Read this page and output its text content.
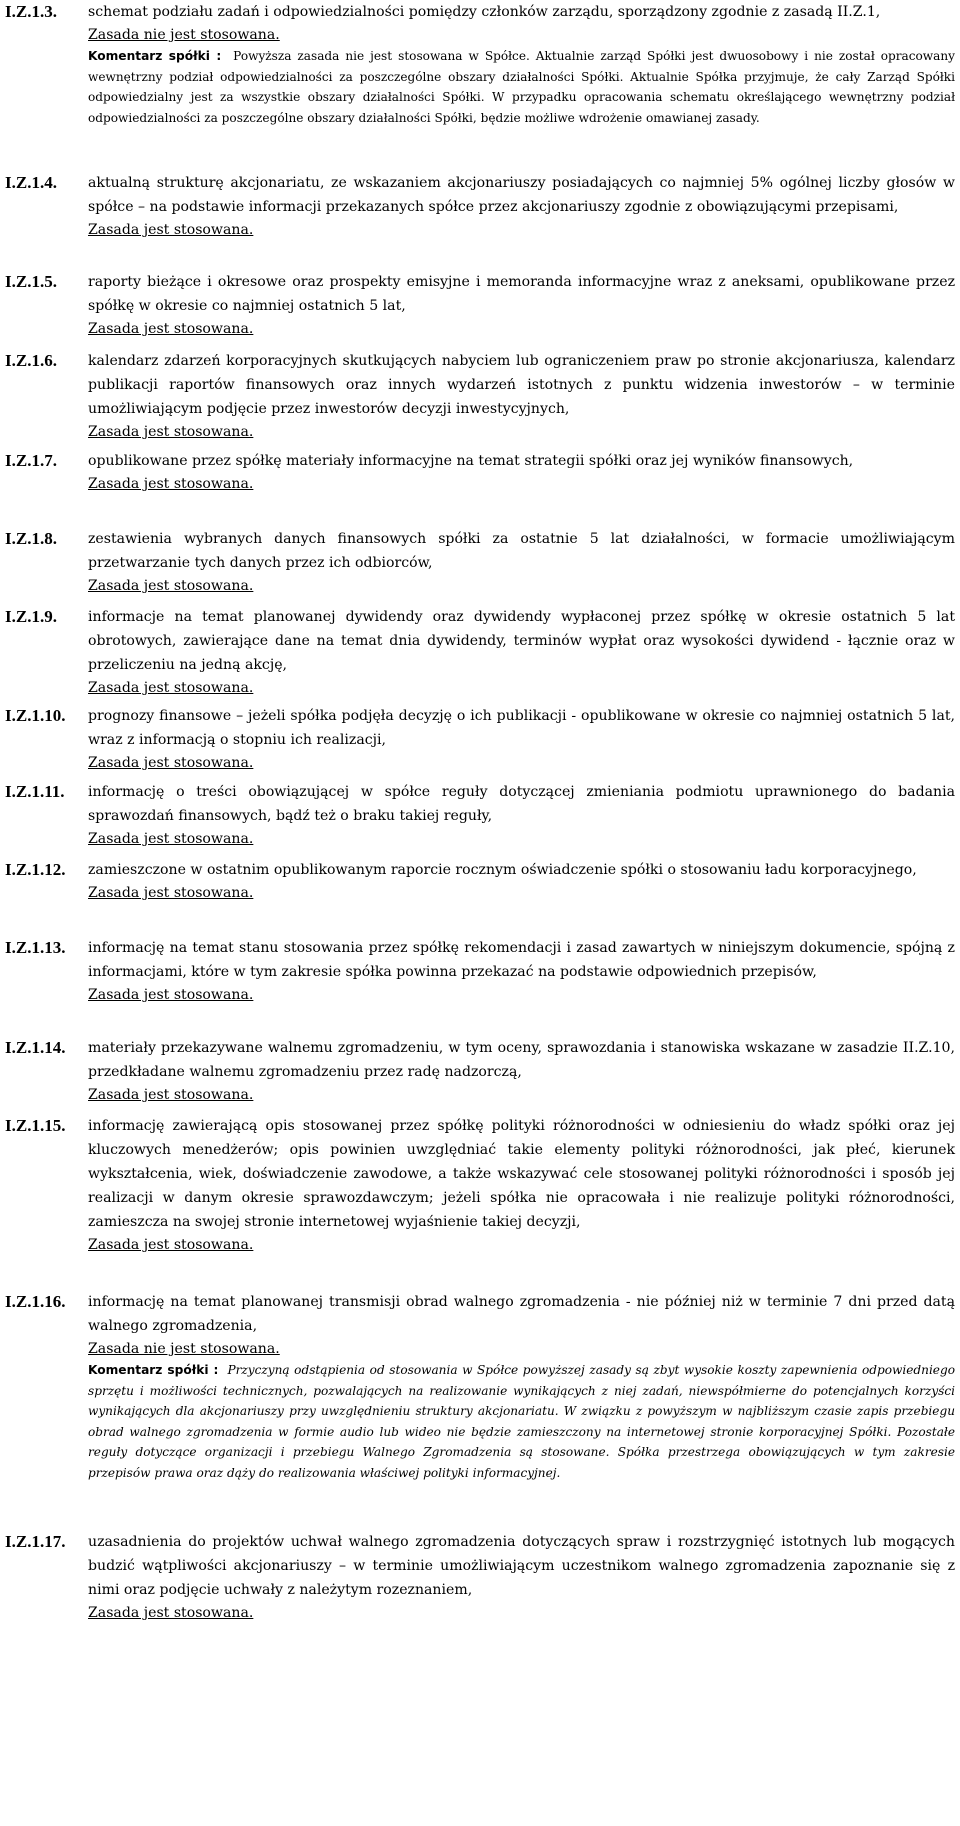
I.Z.1.3.	schemat podziału zadań i odpowiedzialności pomiędzy członków zarządu, sporządzony zgodnie z zasadą II.Z.1,

Zasada nie jest stosowana.

Komentarz spółki : Powyższa zasada nie jest stosowana w Spółce. Aktualnie zarząd Spółki jest dwuosobowy i nie został opracowany wewnętrzny podział odpowiedzialności za poszczególne obszary działalności Spółki. Aktualnie Spółka przyjmuje, że cały Zarząd Spółki odpowiedzialny jest za wszystkie obszary działalności Spółki. W przypadku opracowania schematu określającego wewnętrzny podział odpowiedzialności za poszczególne obszary działalności Spółki, będzie możliwe wdrożenie omawianej zasady.

I.Z.1.4.	aktualną strukturę akcjonariatu, ze wskazaniem akcjonariuszy posiadających co najmniej 5% ogólnej liczby głosów w spółce – na podstawie informacji przekazanych spółce przez akcjonariuszy zgodnie z obowiązującymi przepisami,

Zasada jest stosowana.
I.Z.1.5.	raporty bieżące i okresowe oraz prospekty emisyjne i memoranda informacyjne wraz z aneksami, opublikowane przez spółkę w okresie co najmniej ostatnich 5 lat,

Zasada jest stosowana.
I.Z.1.6.	kalendarz zdarzeń korporacyjnych skutkujących nabyciem lub ograniczeniem praw po stronie akcjonariusza, kalendarz publikacji raportów finansowych oraz innych wydarzeń istotnych z punktu widzenia inwestorów – w terminie umożliwiającym podjęcie przez inwestorów decyzji inwestycyjnych,

Zasada jest stosowana.
I.Z.1.7.	opublikowane przez spółkę materiały informacyjne na temat strategii spółki oraz jej wyników finansowych,

Zasada jest stosowana.
I.Z.1.8.	zestawienia wybranych danych finansowych spółki za ostatnie 5 lat działalności, w formacie umożliwiającym przetwarzanie tych danych przez ich odbiorców,

Zasada jest stosowana.
I.Z.1.9.	informacje na temat planowanej dywidendy oraz dywidendy wypłaconej przez spółkę w okresie ostatnich 5 lat obrotowych, zawierające dane na temat dnia dywidendy, terminów wypłat oraz wysokości dywidend - łącznie oraz w przeliczeniu na jedną akcję,

Zasada jest stosowana.
I.Z.1.10.	prognozy finansowe – jeżeli spółka podjęła decyzję o ich publikacji - opublikowane w okresie co najmniej ostatnich 5 lat, wraz z informacją o stopniu ich realizacji,

Zasada jest stosowana.
I.Z.1.11.	informację o treści obowiązującej w spółce reguły dotyczącej zmieniania podmiotu uprawnionego do badania sprawozdań finansowych, bądź też o braku takiej reguły,

Zasada jest stosowana.
I.Z.1.12.	zamieszczone w ostatnim opublikowanym raporcie rocznym oświadczenie spółki o stosowaniu ładu korporacyjnego,

Zasada jest stosowana.
I.Z.1.13.	informację na temat stanu stosowania przez spółkę rekomendacji i zasad zawartych w niniejszym dokumencie, spójną z informacjami, które w tym zakresie spółka powinna przekazać na podstawie odpowiednich przepisów,

Zasada jest stosowana.
I.Z.1.14.	materiały przekazywane walnemu zgromadzeniu, w tym oceny, sprawozdania i stanowiska wskazane w zasadzie II.Z.10, przedkładane walnemu zgromadzeniu przez radę nadzorczą,

Zasada jest stosowana.
I.Z.1.15.	informację zawierającą opis stosowanej przez spółkę polityki różnorodności w odniesieniu do władz spółki oraz jej kluczowych menedżerów; opis powinien uwzględniać takie elementy polityki różnorodności, jak płeć, kierunek wykształcenia, wiek, doświadczenie zawodowe, a także wskazywać cele stosowanej polityki różnorodności i sposób jej realizacji w danym okresie sprawozdawczym; jeżeli spółka nie opracowała i nie realizuje polityki różnorodności, zamieszcza na swojej stronie internetowej wyjaśnienie takiej decyzji,

Zasada jest stosowana.
I.Z.1.16.	informację na temat planowanej transmisji obrad walnego zgromadzenia - nie później niż w terminie 7 dni przed datą walnego zgromadzenia,

Zasada nie jest stosowana.

Komentarz spółki : Przyczyną odstąpienia od stosowania w Spółce powyższej zasady są zbyt wysokie koszty zapewnienia odpowiedniego sprzętu i możliwości technicznych, pozwalających na realizowanie wynikających z niej zadań, niewspółmierne do potencjalnych korzyści wynikających dla akcjonariuszy przy uwzględnieniu struktury akcjonariatu. W związku z powyższym w najbliższym czasie zapis przebiegu obrad walnego zgromadzenia w formie audio lub wideo nie będzie zamieszczony na internetowej stronie korporacyjnej Spółki. Pozostałe reguły dotyczące organizacji i przebiegu Walnego Zgromadzenia są stosowane. Spółka przestrzega obowiązujących w tym zakresie przepisów prawa oraz dąży do realizowania właściwej polityki informacyjnej.

I.Z.1.17.	uzasadnienia do projektów uchwał walnego zgromadzenia dotyczących spraw i rozstrzygnięć istotnych lub mogących budzić wątpliwości akcjonariuszy – w terminie umożliwiającym uczestnikom walnego zgromadzenia zapoznanie się z nimi oraz podjęcie uchwały z należytym rozeznaniem,

Zasada jest stosowana.
